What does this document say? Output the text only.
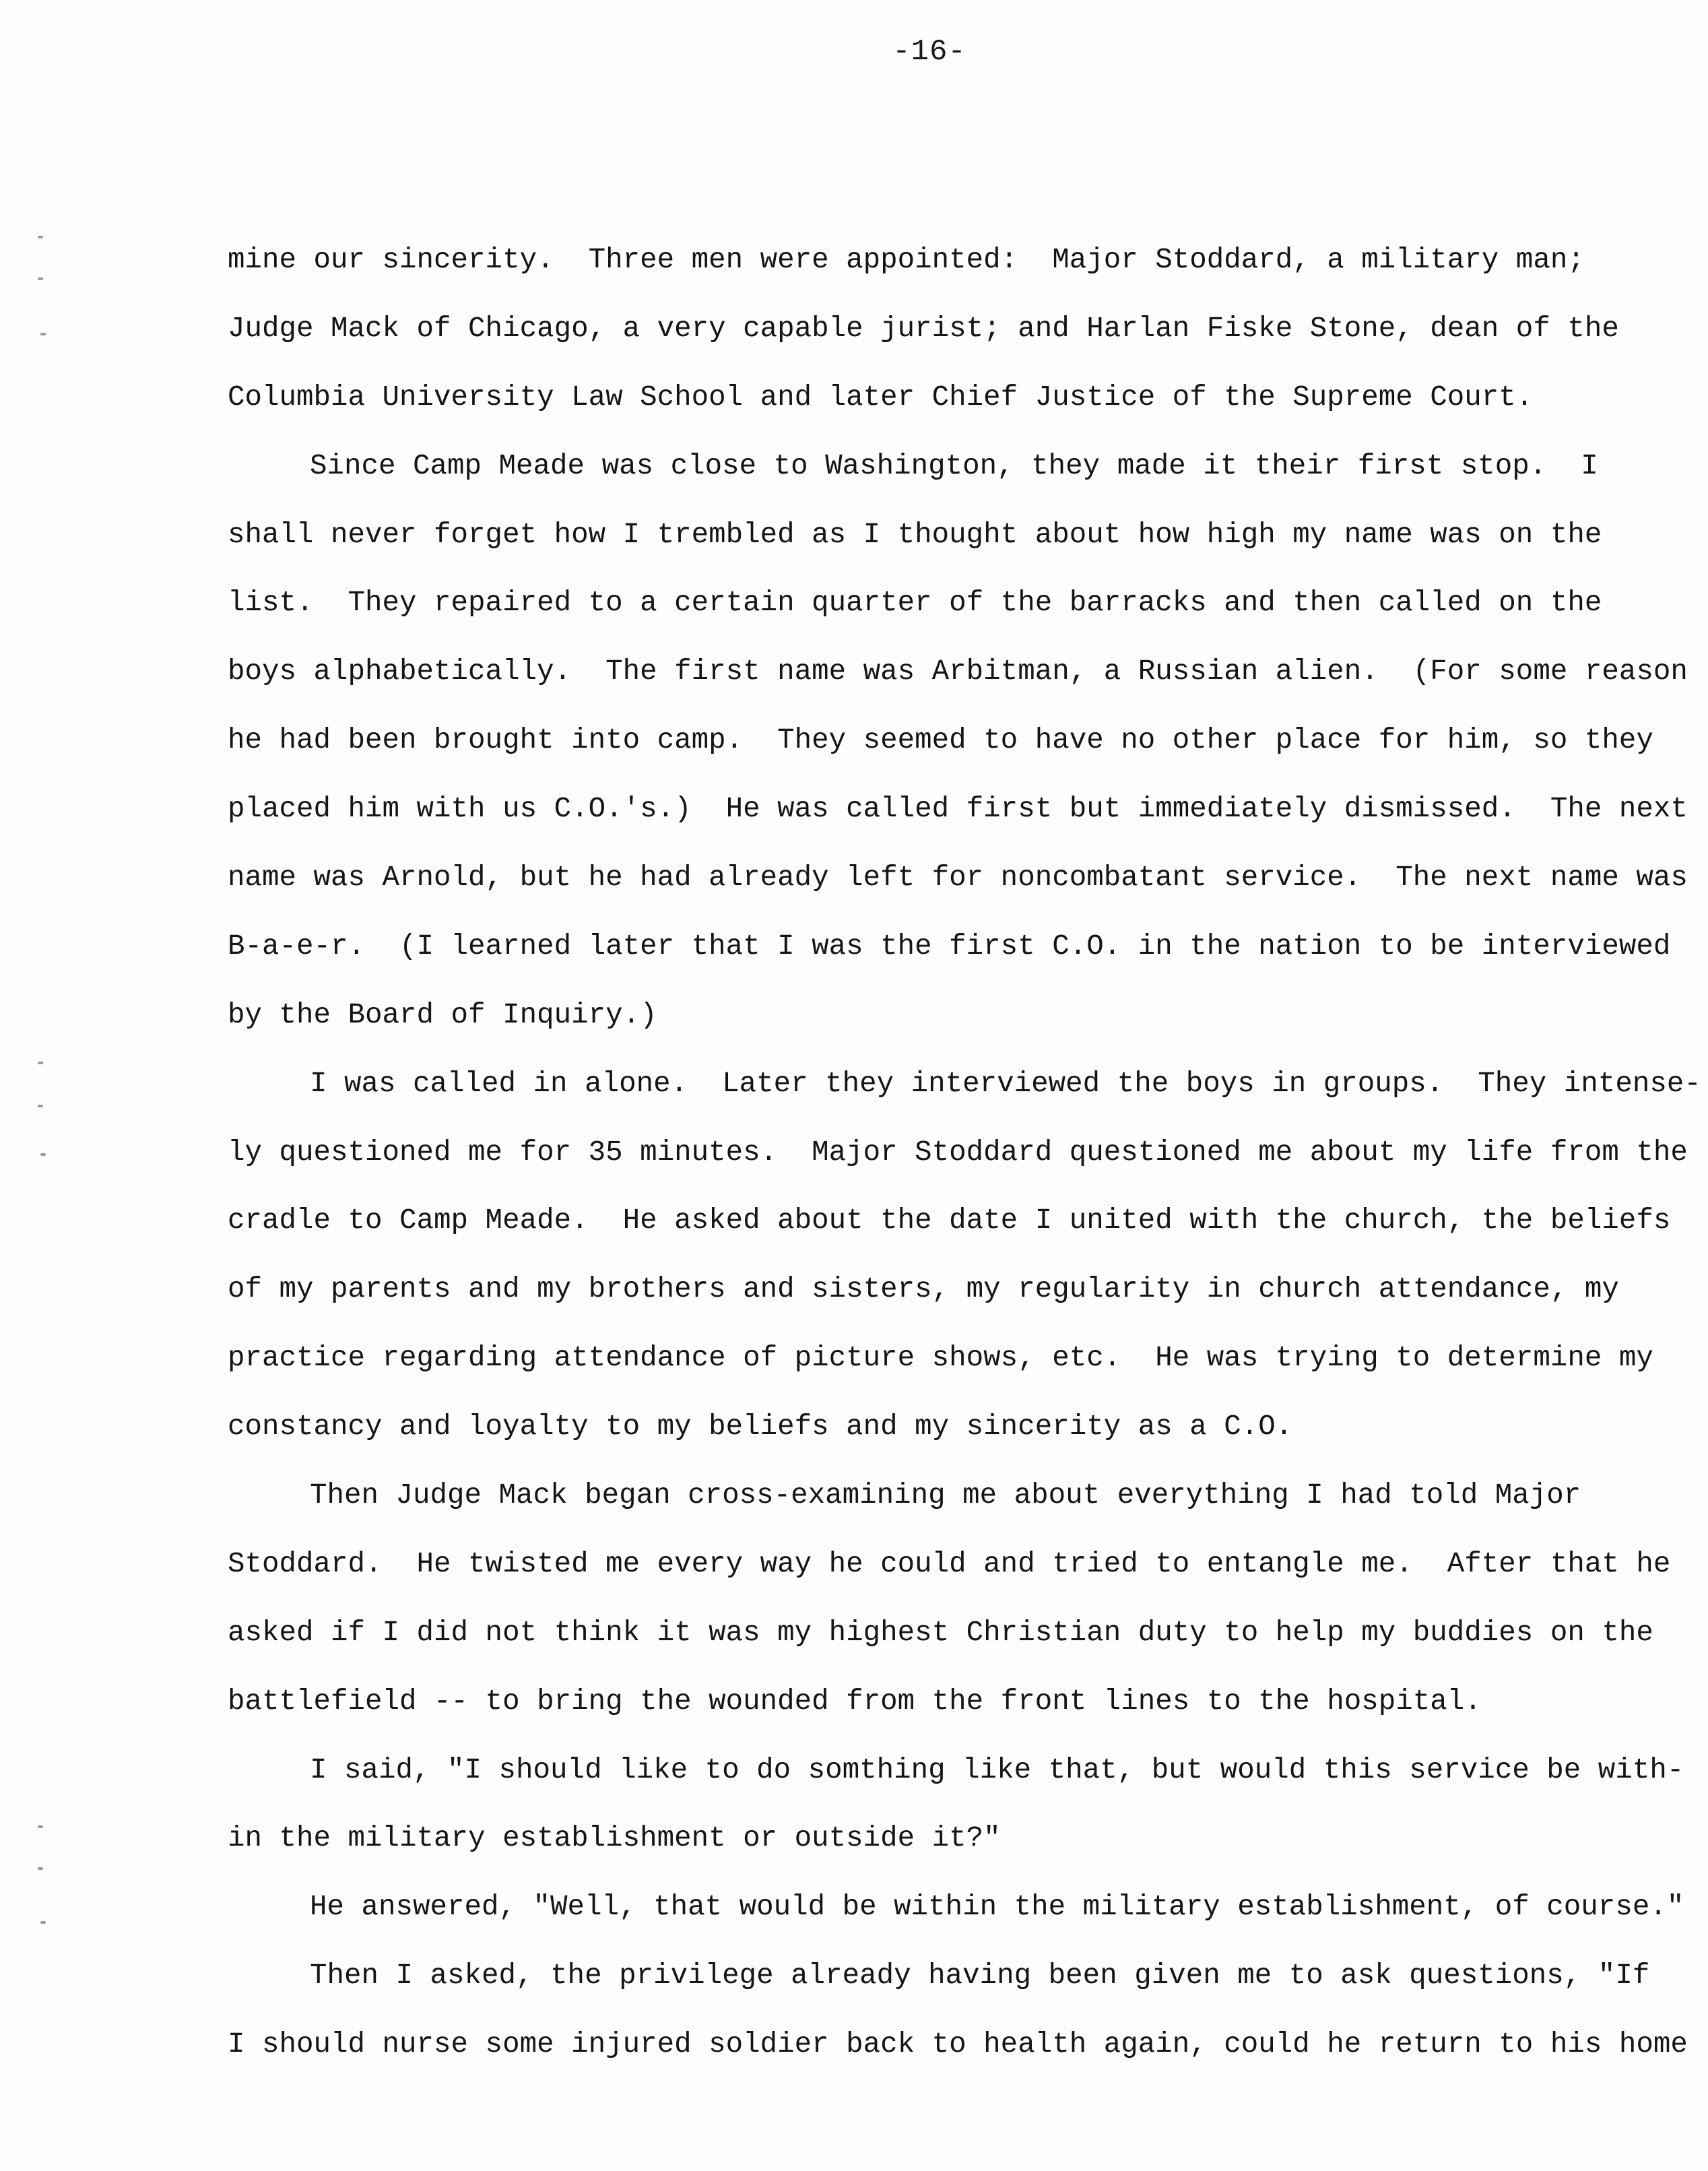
-16-
mine our sincerity.  Three men were appointed:  Major Stoddard, a military man;
Judge Mack of Chicago, a very capable jurist; and Harlan Fiske Stone, dean of the
Columbia University Law School and later Chief Justice of the Supreme Court.
Since Camp Meade was close to Washington, they made it their first stop.  I
shall never forget how I trembled as I thought about how high my name was on the
list.  They repaired to a certain quarter of the barracks and then called on the
boys alphabetically.  The first name was Arbitman, a Russian alien.  (For some reason
he had been brought into camp.  They seemed to have no other place for him, so they
placed him with us C.O.'s.)  He was called first but immediately dismissed.  The next
name was Arnold, but he had already left for noncombatant service.  The next name was
B-a-e-r.  (I learned later that I was the first C.O. in the nation to be interviewed
by the Board of Inquiry.)
I was called in alone.  Later they interviewed the boys in groups.  They intense-
ly questioned me for 35 minutes.  Major Stoddard questioned me about my life from the
cradle to Camp Meade.  He asked about the date I united with the church, the beliefs
of my parents and my brothers and sisters, my regularity in church attendance, my
practice regarding attendance of picture shows, etc.  He was trying to determine my
constancy and loyalty to my beliefs and my sincerity as a C.O.
Then Judge Mack began cross-examining me about everything I had told Major
Stoddard.  He twisted me every way he could and tried to entangle me.  After that he
asked if I did not think it was my highest Christian duty to help my buddies on the
battlefield -- to bring the wounded from the front lines to the hospital.
I said, "I should like to do somthing like that, but would this service be with-
in the military establishment or outside it?"
He answered, "Well, that would be within the military establishment, of course."
Then I asked, the privilege already having been given me to ask questions, "If
I should nurse some injured soldier back to health again, could he return to his home
